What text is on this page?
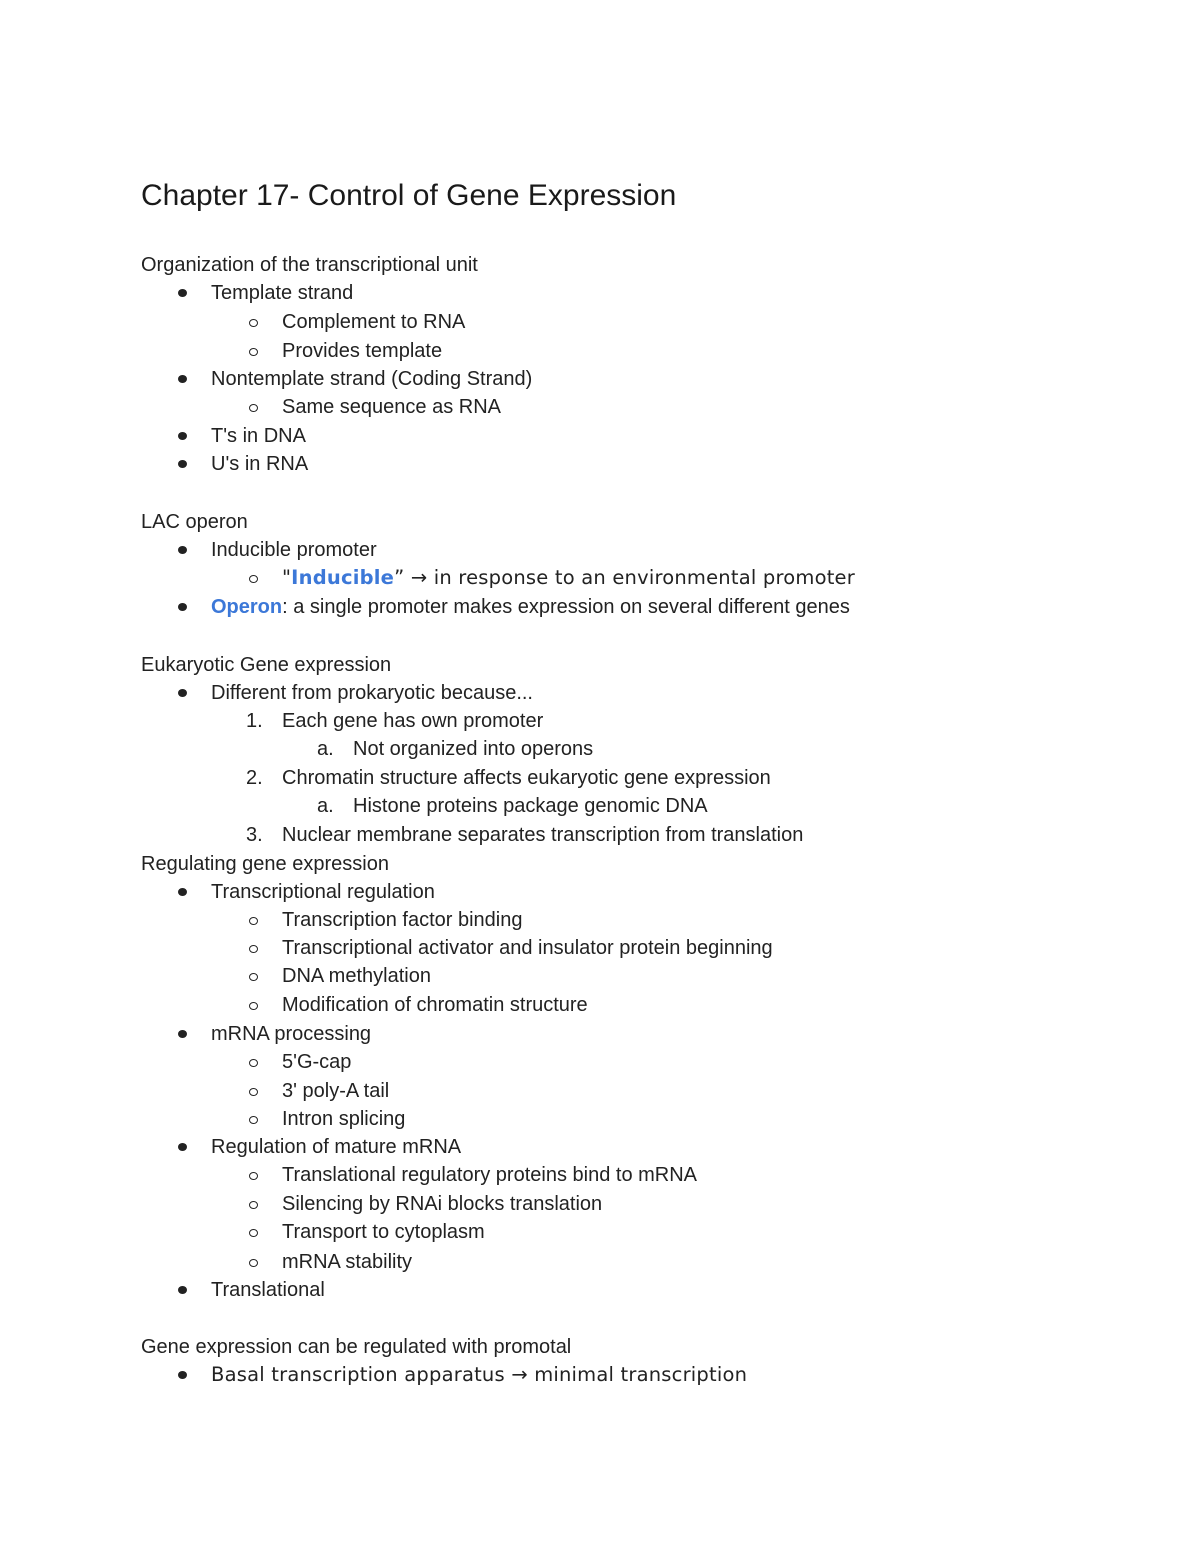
Chapter 17- Control of Gene Expression
Organization of the transcriptional unit
Template strand
Complement to RNA
Provides template
Nontemplate strand (Coding Strand)
Same sequence as RNA
T's in DNA
U's in RNA
LAC operon
Inducible promoter
"Inducible” → in response to an environmental promoter
Operon: a single promoter makes expression on several different genes
Eukaryotic Gene expression
Different from prokaryotic because...
1. Each gene has own promoter
a. Not organized into operons
2. Chromatin structure affects eukaryotic gene expression
a. Histone proteins package genomic DNA
3. Nuclear membrane separates transcription from translation
Regulating gene expression
Transcriptional regulation
Transcription factor binding
Transcriptional activator and insulator protein beginning
DNA methylation
Modification of chromatin structure
mRNA processing
5'G-cap
3' poly-A tail
Intron splicing
Regulation of mature mRNA
Translational regulatory proteins bind to mRNA
Silencing by RNAi blocks translation
Transport to cytoplasm
mRNA stability
Translational
Gene expression can be regulated with promotal
Basal transcription apparatus → minimal transcription
